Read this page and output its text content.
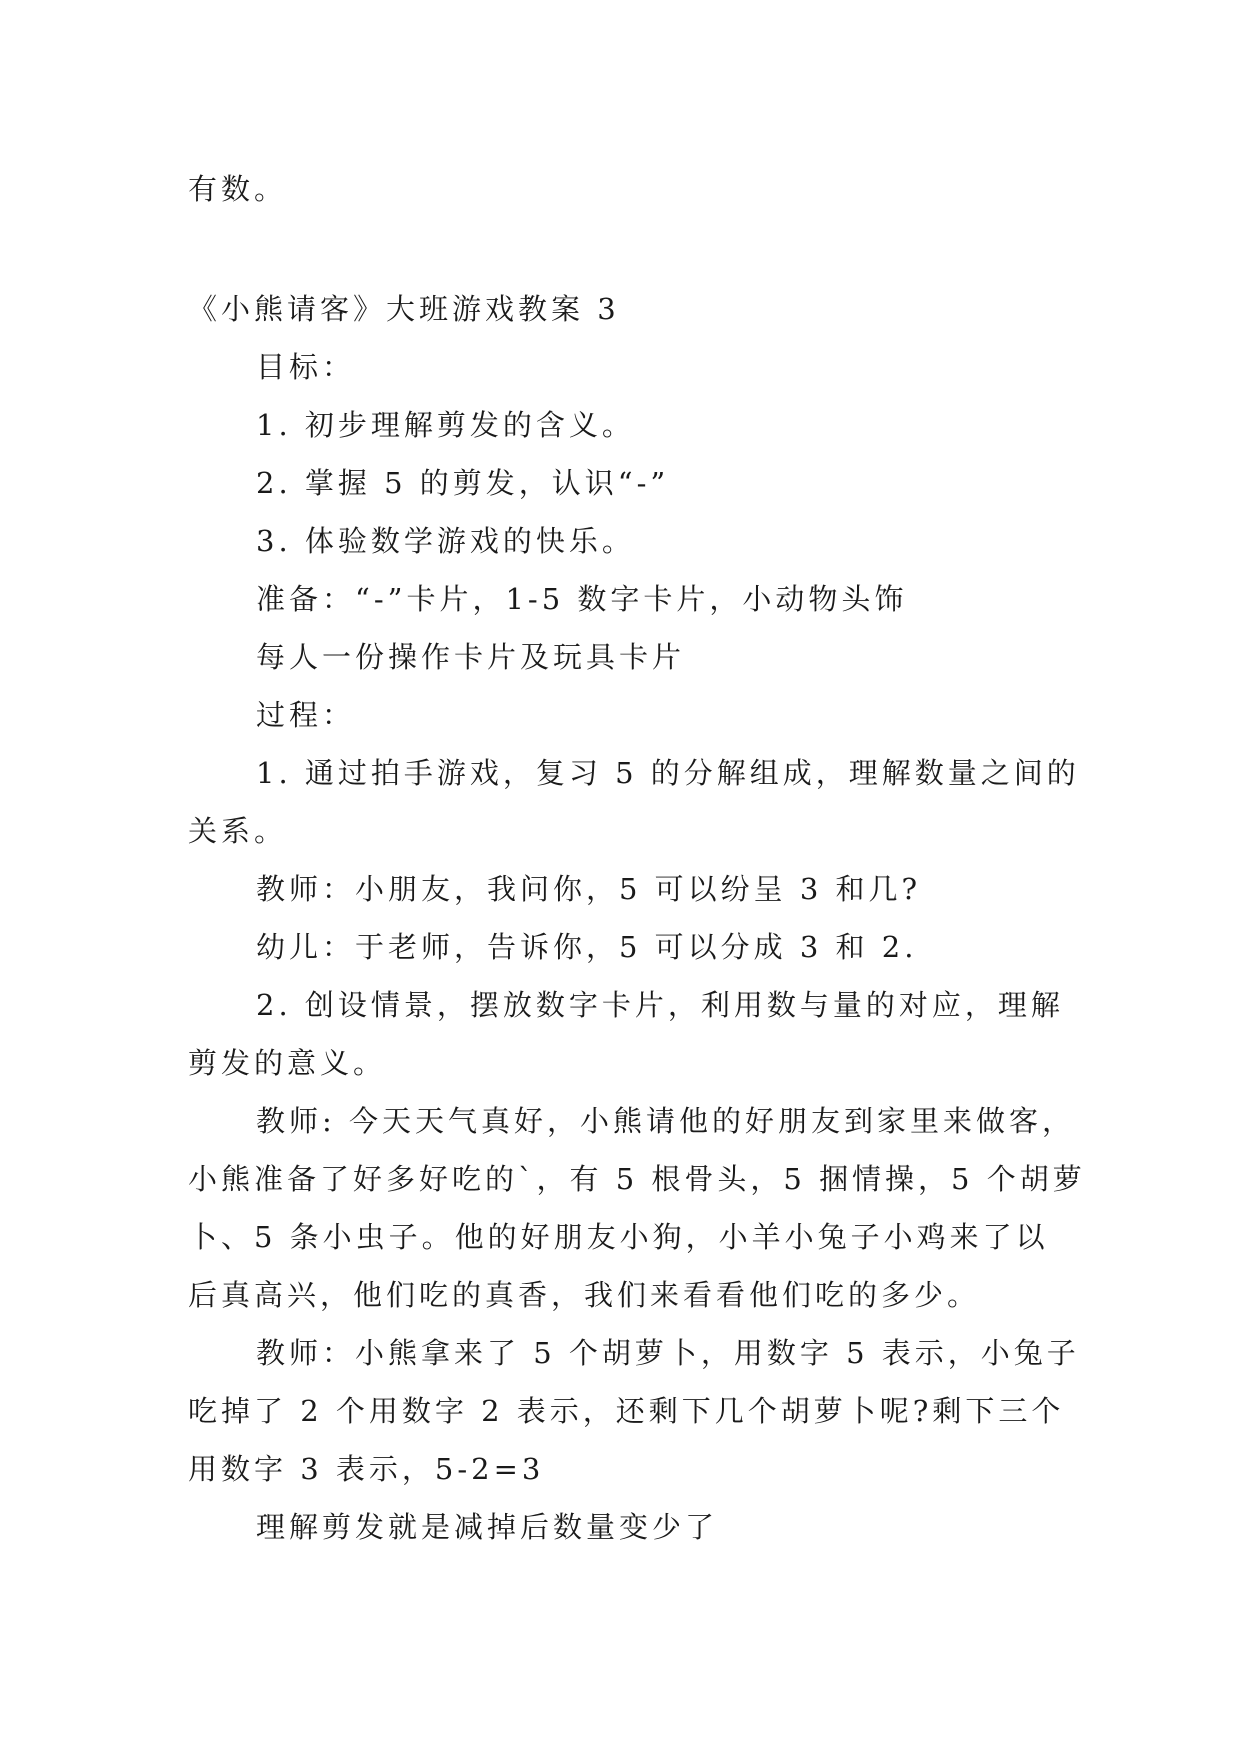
有数。
《小熊请客》大班游戏教案 3
目标：
1. 初步理解剪发的含义。
2. 掌握 5 的剪发，认识“-”
3. 体验数学游戏的快乐。
准备：“-”卡片，1-5 数字卡片，小动物头饰
每人一份操作卡片及玩具卡片
过程：
1. 通过拍手游戏，复习 5 的分解组成，理解数量之间的
关系。
教师：小朋友，我问你，5 可以纷呈 3 和几?
幼儿：于老师，告诉你，5 可以分成 3 和 2.
2. 创设情景，摆放数字卡片，利用数与量的对应，理解
剪发的意义。
教师: 今天天气真好，小熊请他的好朋友到家里来做客，
小熊准备了好多好吃的`，有 5 根骨头，5 捆情操，5 个胡萝
卜、5 条小虫子。他的好朋友小狗，小羊小兔子小鸡来了以
后真高兴，他们吃的真香，我们来看看他们吃的多少。
教师：小熊拿来了 5 个胡萝卜，用数字 5 表示，小兔子
吃掉了 2 个用数字 2 表示，还剩下几个胡萝卜呢?剩下三个
用数字 3 表示，5-2=3
理解剪发就是减掉后数量变少了
